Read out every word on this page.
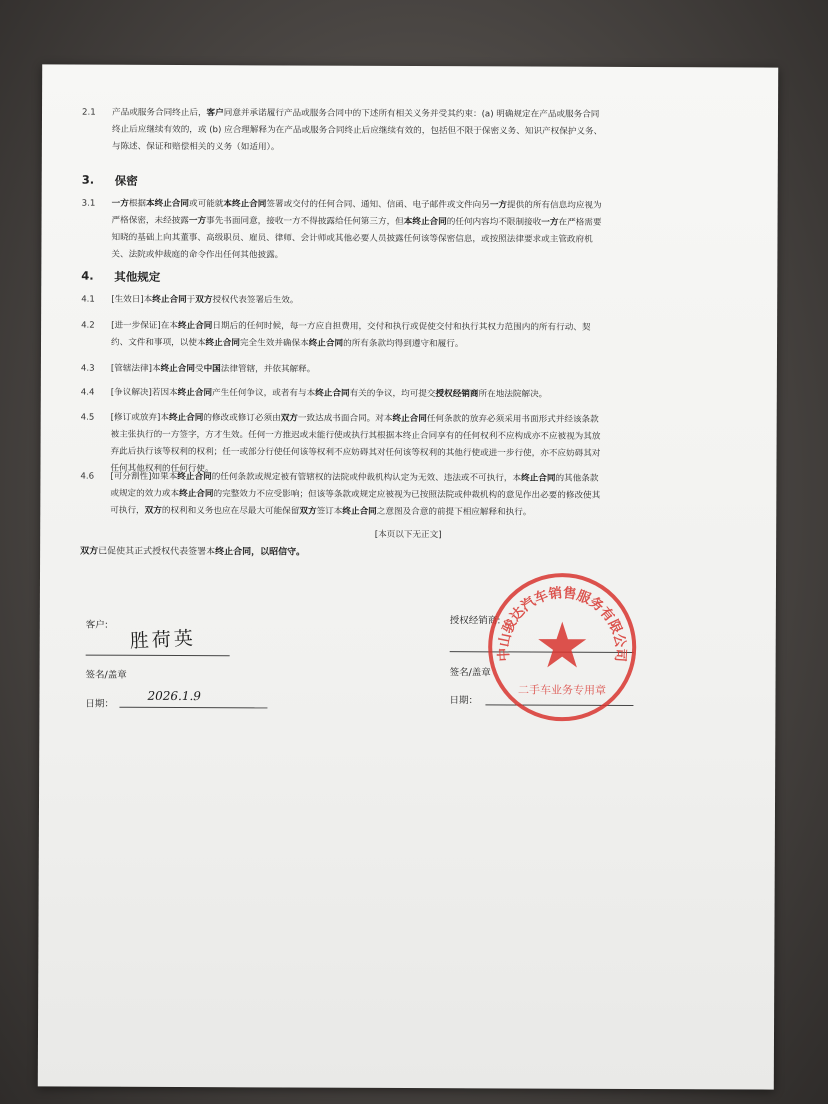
2.1 产品或服务合同终止后，客户同意并承诺履行产品或服务合同中的下述所有相关义务并受其约束：(a) 明确规定在产品或服务合同
终止后应继续有效的，或 (b) 应合理解释为在产品或服务合同终止后应继续有效的，包括但不限于保密义务、知识产权保护义务、
与陈述、保证和赔偿相关的义务（如适用）。
3. 保密
3.1 一方根据本终止合同或可能就本终止合同签署或交付的任何合同、通知、信函、电子邮件或文件向另一方提供的所有信息均应视为
严格保密，未经披露一方事先书面同意，接收一方不得披露给任何第三方，但本终止合同的任何内容均不限制接收一方在严格需要
知晓的基础上向其董事、高级职员、雇员、律师、会计师或其他必要人员披露任何该等保密信息，或按照法律要求或主管政府机
关、法院或仲裁庭的命令作出任何其他披露。
4. 其他规定
4.1 [生效日]本终止合同于双方授权代表签署后生效。
4.2 [进一步保证]在本终止合同日期后的任何时候，每一方应自担费用，交付和执行或促使交付和执行其权力范围内的所有行动、契
约、文件和事项，以使本终止合同完全生效并确保本终止合同的所有条款均得到遵守和履行。
4.3 [管辖法律]本终止合同受中国法律管辖，并依其解释。
4.4 [争议解决]若因本终止合同产生任何争议，或者有与本终止合同有关的争议，均可提交授权经销商所在地法院解决。
4.5 [修订或放弃]本终止合同的修改或修订必须由双方一致达成书面合同。对本终止合同任何条款的放弃必须采用书面形式并经该条款
被主张执行的一方签字，方才生效。任何一方推迟或未能行使或执行其根据本终止合同享有的任何权利不应构成亦不应被视为其放
弃此后执行该等权利的权利；任一或部分行使任何该等权利不应妨碍其对任何该等权利的其他行使或进一步行使，亦不应妨碍其对
任何其他权利的任何行使。
4.6 [可分割性]如果本终止合同的任何条款或规定被有管辖权的法院或仲裁机构认定为无效、违法或不可执行，本终止合同的其他条款
或规定的效力或本终止合同的完整效力不应受影响；但该等条款或规定应被视为已按照法院或仲裁机构的意见作出必要的修改使其
可执行，双方的权利和义务也应在尽最大可能保留双方签订本终止合同之意图及合意的前提下相应解释和执行。
[本页以下无正文]
双方已促使其正式授权代表签署本终止合同，以昭信守。
客户:
胜荷英
签名/盖章
日期：
2026.1.9
授权经销商:
签名/盖章
日期：
中山骏达汽车销售服务有限公司
二手车业务专用章
